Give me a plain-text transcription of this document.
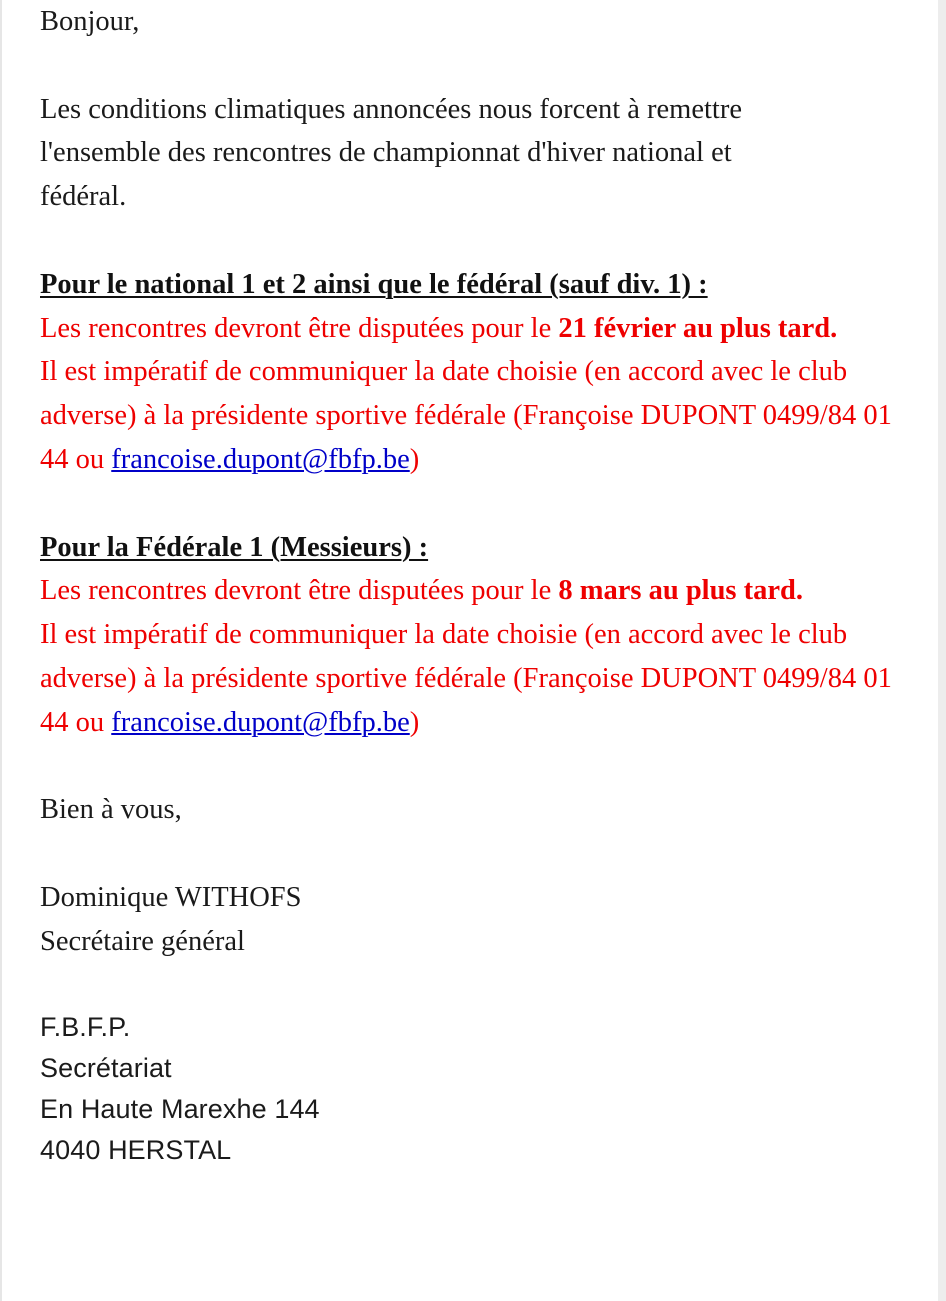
Bonjour,

Les conditions climatiques annoncées nous forcent à remettre

l'ensemble des rencontres de championnat d'hiver national et

fédéral.

Pour le national 1 et 2 ainsi que le fédéral (sauf div. 1) :

Les rencontres devront être disputées pour le 21 février au plus tard.

Il est impératif de communiquer la date choisie (en accord avec le club adverse) à la présidente sportive fédérale (Françoise DUPONT 0499/84 01 44 ou francoise.dupont@fbfp.be)

Pour la Fédérale 1 (Messieurs) :

Les rencontres devront être disputées pour le 8 mars au plus tard.

Il est impératif de communiquer la date choisie (en accord avec le club adverse) à la présidente sportive fédérale (Françoise DUPONT 0499/84 01 44 ou francoise.dupont@fbfp.be)

Bien à vous,

Dominique WITHOFS

Secrétaire général

F.B.F.P.

Secrétariat

En Haute Marexhe 144

4040 HERSTAL
